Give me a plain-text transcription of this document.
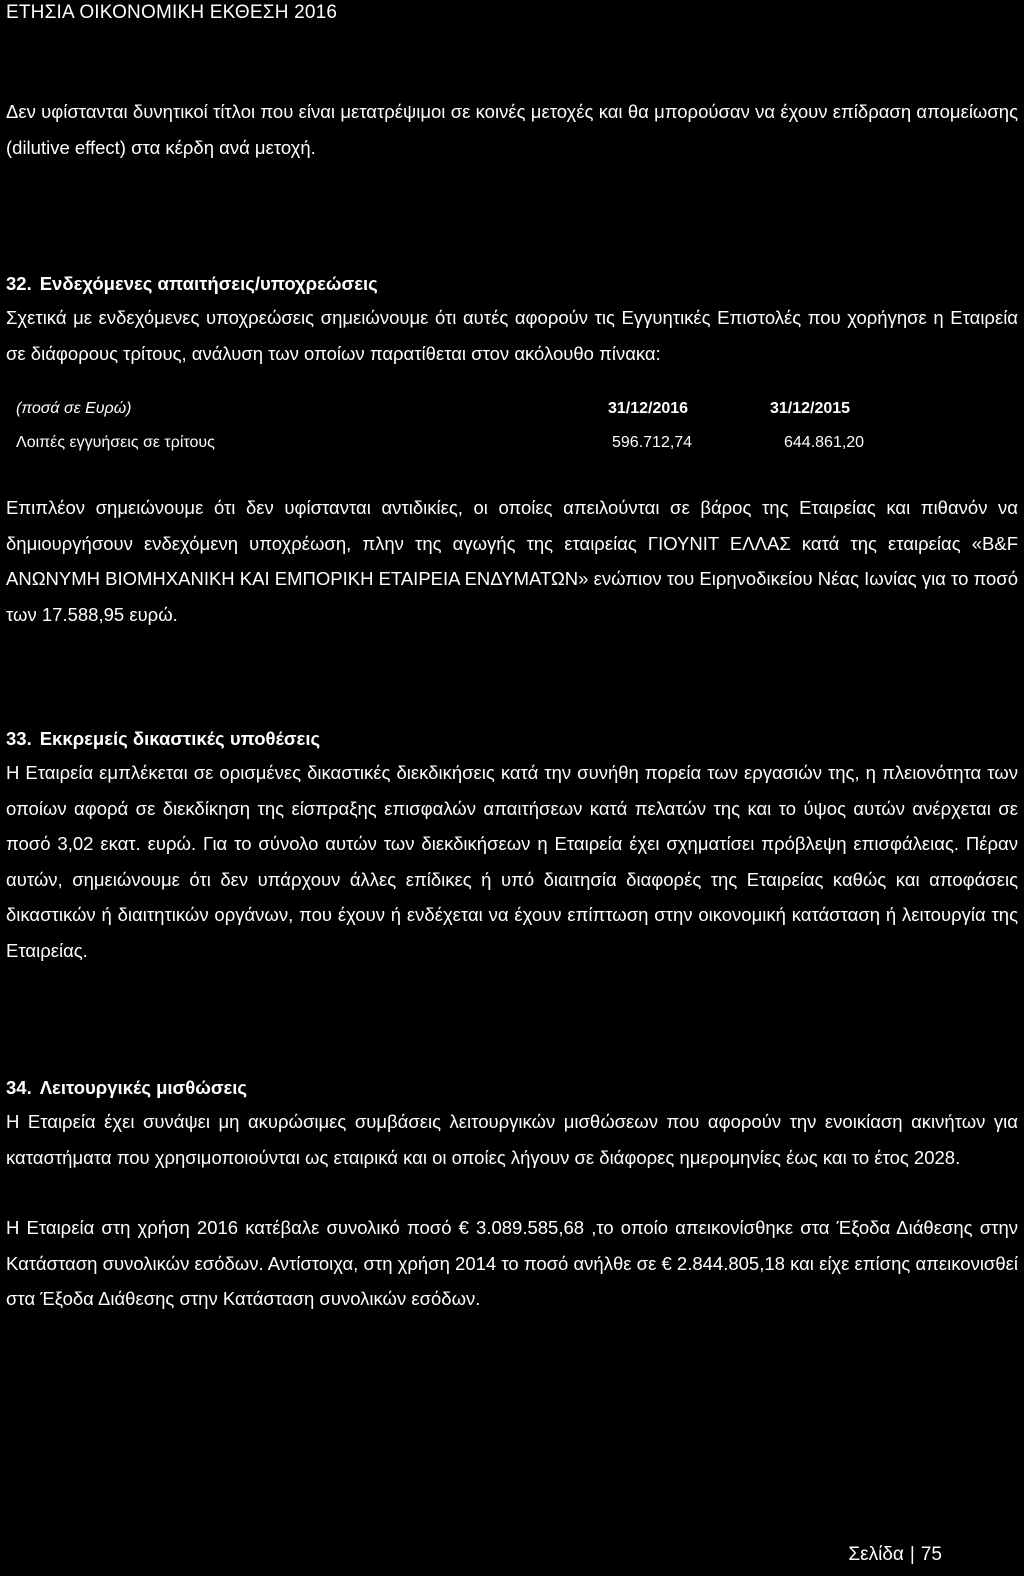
ΕΤΗΣΙΑ ΟΙΚΟΝΟΜΙΚΗ ΕΚΘΕΣΗ 2016
Δεν υφίστανται δυνητικοί τίτλοι που είναι μετατρέψιμοι σε κοινές μετοχές και θα μπορούσαν να έχουν επίδραση απομείωσης (dilutive effect) στα κέρδη ανά μετοχή.
32. Ενδεχόμενες απαιτήσεις/υποχρεώσεις
Σχετικά με ενδεχόμενες υποχρεώσεις σημειώνουμε ότι αυτές αφορούν τις Εγγυητικές Επιστολές που χορήγησε η Εταιρεία σε διάφορους τρίτους, ανάλυση των οποίων παρατίθεται στον ακόλουθο πίνακα:
(ποσά σε Ευρώ)	31/12/2016	31/12/2015
Λοιπές εγγυήσεις σε τρίτους	596.712,74	644.861,20
Επιπλέον σημειώνουμε ότι δεν υφίστανται αντιδικίες, οι οποίες απειλούνται σε βάρος της Εταιρείας και πιθανόν να δημιουργήσουν ενδεχόμενη υποχρέωση, πλην της αγωγής της εταιρείας ΓΙΟΥΝΙΤ ΕΛΛΑΣ κατά της εταιρείας «B&F ΑΝΩΝΥΜΗ ΒΙΟΜΗΧΑΝΙΚΗ ΚΑΙ ΕΜΠΟΡΙΚΗ ΕΤΑΙΡΕΙΑ ΕΝΔΥΜΑΤΩΝ» ενώπιον του Ειρηνοδικείου Νέας Ιωνίας για το ποσό των 17.588,95 ευρώ.
33. Εκκρεμείς δικαστικές υποθέσεις
Η Εταιρεία εμπλέκεται σε ορισμένες δικαστικές διεκδικήσεις κατά την συνήθη πορεία των εργασιών της, η πλειονότητα των οποίων αφορά σε διεκδίκηση της είσπραξης επισφαλών απαιτήσεων κατά πελατών της και το ύψος αυτών ανέρχεται σε ποσό 3,02 εκατ. ευρώ. Για το σύνολο αυτών των διεκδικήσεων η Εταιρεία έχει σχηματίσει πρόβλεψη επισφάλειας. Πέραν αυτών, σημειώνουμε ότι δεν υπάρχουν άλλες επίδικες ή υπό διαιτησία διαφορές της Εταιρείας καθώς και αποφάσεις δικαστικών ή διαιτητικών οργάνων, που έχουν ή ενδέχεται να έχουν επίπτωση στην οικονομική κατάσταση ή λειτουργία της Εταιρείας.
34. Λειτουργικές μισθώσεις
Η Εταιρεία έχει συνάψει μη ακυρώσιμες συμβάσεις λειτουργικών μισθώσεων που αφορούν την ενοικίαση ακινήτων για καταστήματα που χρησιμοποιούνται ως εταιρικά και οι οποίες λήγουν σε διάφορες ημερομηνίες έως και το έτος 2028.
Η Εταιρεία στη χρήση 2016 κατέβαλε συνολικό ποσό € 3.089.585,68 ,το οποίο απεικονίσθηκε στα Έξοδα Διάθεσης στην Κατάσταση συνολικών εσόδων. Αντίστοιχα, στη χρήση 2014 το ποσό ανήλθε σε € 2.844.805,18 και είχε επίσης απεικονισθεί στα Έξοδα Διάθεσης στην Κατάσταση συνολικών εσόδων.
Σελίδα | 75
